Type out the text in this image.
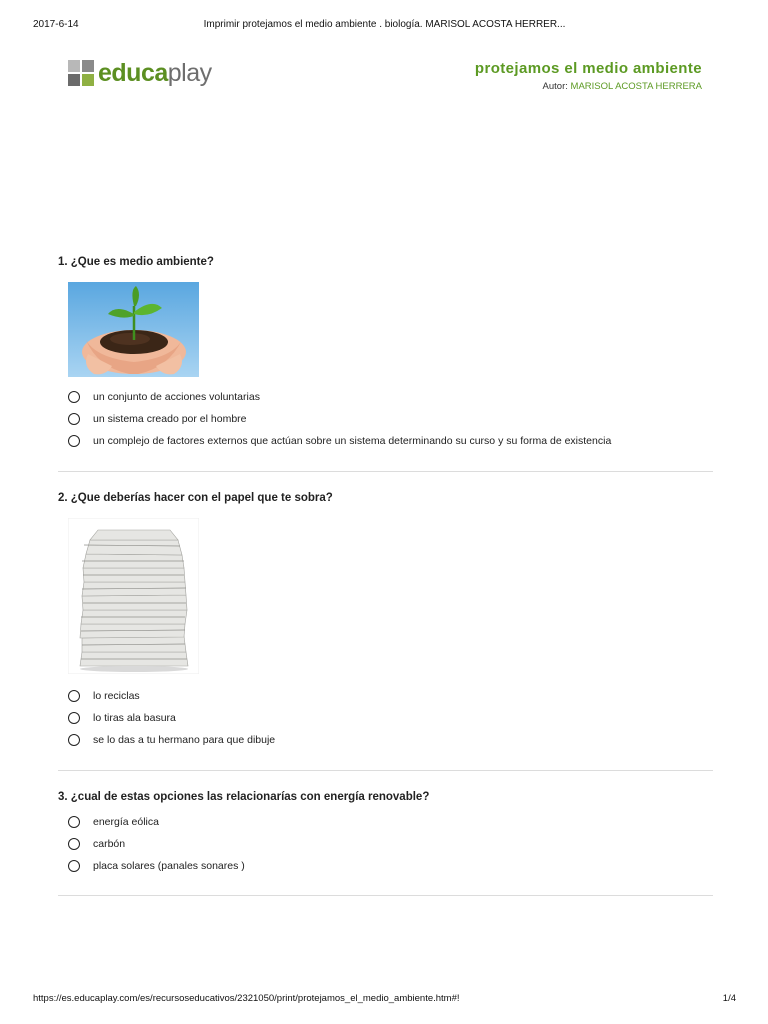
2017-6-14	Imprimir protejamos el medio ambiente . biología. MARISOL ACOSTA HERRER...
educaplay	protejamos el medio ambiente
Autor: MARISOL ACOSTA HERRERA
1. ¿Que es medio ambiente?
un conjunto de acciones voluntarias
un sistema creado por el hombre
un complejo de factores externos que actúan sobre un sistema determinando su curso y su forma de existencia
2. ¿Que deberías hacer con el papel que te sobra?
lo reciclas
lo tiras ala basura
se lo das a tu hermano para que dibuje
3. ¿cual de estas opciones las relacionarías con energía renovable?
energía eólica
carbón
placa solares (panales sonares )
https://es.educaplay.com/es/recursoseducativos/2321050/print/protejamos_el_medio_ambiente.htm#!	1/4
